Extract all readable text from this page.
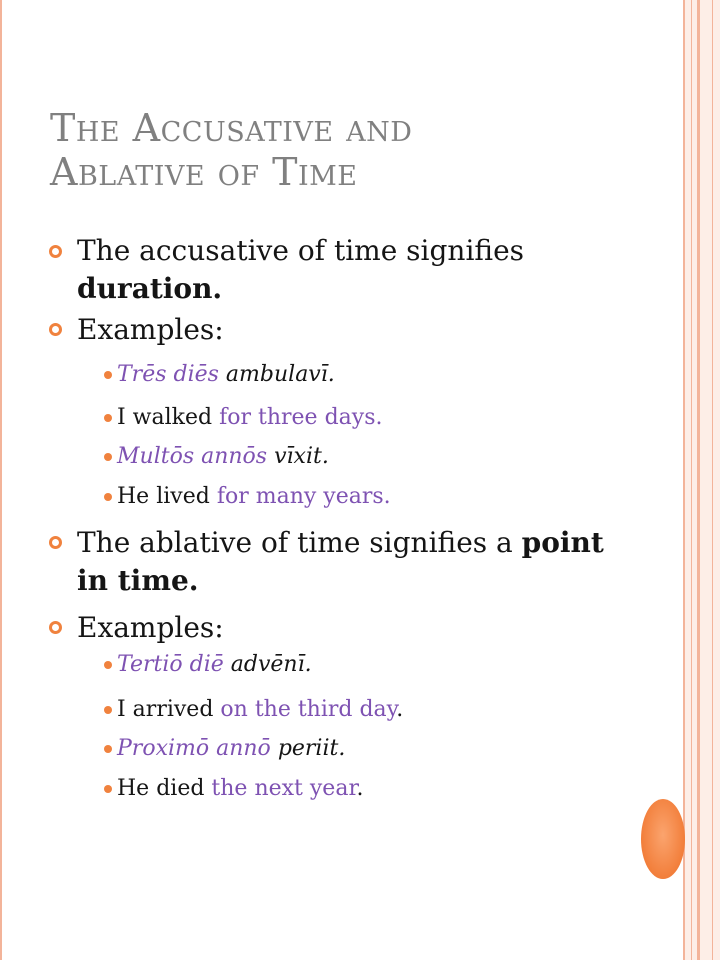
The Accusative and
Ablative of Time
The accusative of time signifies
duration.
Examples:
Trēs diēs ambulavī.
I walked for three days.
Multōs annōs vīxit.
He lived for many years.
The ablative of time signifies a point
in time.
Examples:
Tertiō diē advēnī.
I arrived on the third day.
Proximō annō periit.
He died the next year.
